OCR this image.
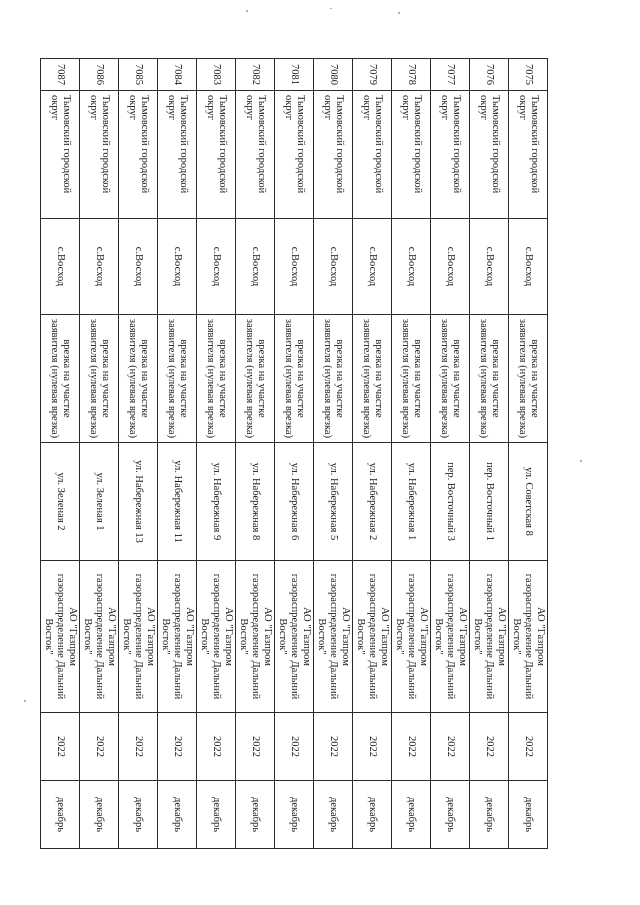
7075	Тымовский городской округ	с.Восход	врезка на участке заявителя (нулевая врезка)	ул. Советская 8	АО "Газпром газораспределение Дальний Восток"	2022	декабрь
7076	Тымовский городской округ	с.Восход	врезка на участке заявителя (нулевая врезка)	пер. Восточный 1	АО "Газпром газораспределение Дальний Восток"	2022	декабрь
7077	Тымовский городской округ	с.Восход	врезка на участке заявителя (нулевая врезка)	пер. Восточный 3	АО "Газпром газораспределение Дальний Восток"	2022	декабрь
7078	Тымовский городской округ	с.Восход	врезка на участке заявителя (нулевая врезка)	ул. Набережная 1	АО "Газпром газораспределение Дальний Восток"	2022	декабрь
7079	Тымовский городской округ	с.Восход	врезка на участке заявителя (нулевая врезка)	ул. Набережная 2	АО "Газпром газораспределение Дальний Восток"	2022	декабрь
7080	Тымовский городской округ	с.Восход	врезка на участке заявителя (нулевая врезка)	ул. Набережная 5	АО "Газпром газораспределение Дальний Восток"	2022	декабрь
7081	Тымовский городской округ	с.Восход	врезка на участке заявителя (нулевая врезка)	ул. Набережная 6	АО "Газпром газораспределение Дальний Восток"	2022	декабрь
7082	Тымовский городской округ	с.Восход	врезка на участке заявителя (нулевая врезка)	ул. Набережная 8	АО "Газпром газораспределение Дальний Восток"	2022	декабрь
7083	Тымовский городской округ	с.Восход	врезка на участке заявителя (нулевая врезка)	ул. Набережная 9	АО "Газпром газораспределение Дальний Восток"	2022	декабрь
7084	Тымовский городской округ	с.Восход	врезка на участке заявителя (нулевая врезка)	ул. Набережная 11	АО "Газпром газораспределение Дальний Восток"	2022	декабрь
7085	Тымовский городской округ	с.Восход	врезка на участке заявителя (нулевая врезка)	ул. Набережная 13	АО "Газпром газораспределение Дальний Восток"	2022	декабрь
7086	Тымовский городской округ	с.Восход	врезка на участке заявителя (нулевая врезка)	ул. Зеленая 1	АО "Газпром газораспределение Дальний Восток"	2022	декабрь
7087	Тымовский городской округ	с.Восход	врезка на участке заявителя (нулевая врезка)	ул. Зеленая 2	АО "Газпром газораспределение Дальний Восток"	2022	декабрь
